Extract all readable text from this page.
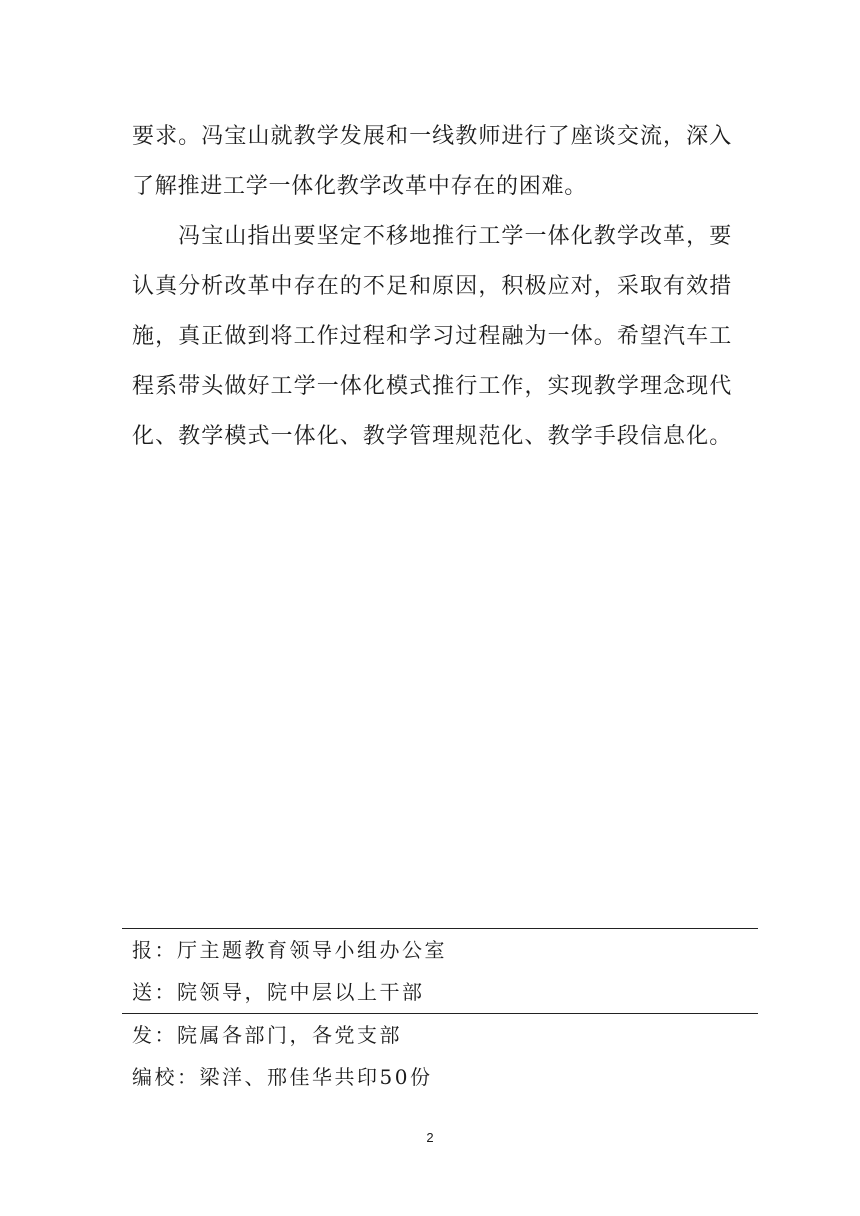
要求。冯宝山就教学发展和一线教师进行了座谈交流，深入
了解推进工学一体化教学改革中存在的困难。
　　冯宝山指出要坚定不移地推行工学一体化教学改革，要
认真分析改革中存在的不足和原因，积极应对，采取有效措
施，真正做到将工作过程和学习过程融为一体。希望汽车工
程系带头做好工学一体化模式推行工作，实现教学理念现代
化、教学模式一体化、教学管理规范化、教学手段信息化。
报：厅主题教育领导小组办公室
送：院领导，院中层以上干部
发：院属各部门，各党支部
编校：梁洋、邢佳华共印50份
2
